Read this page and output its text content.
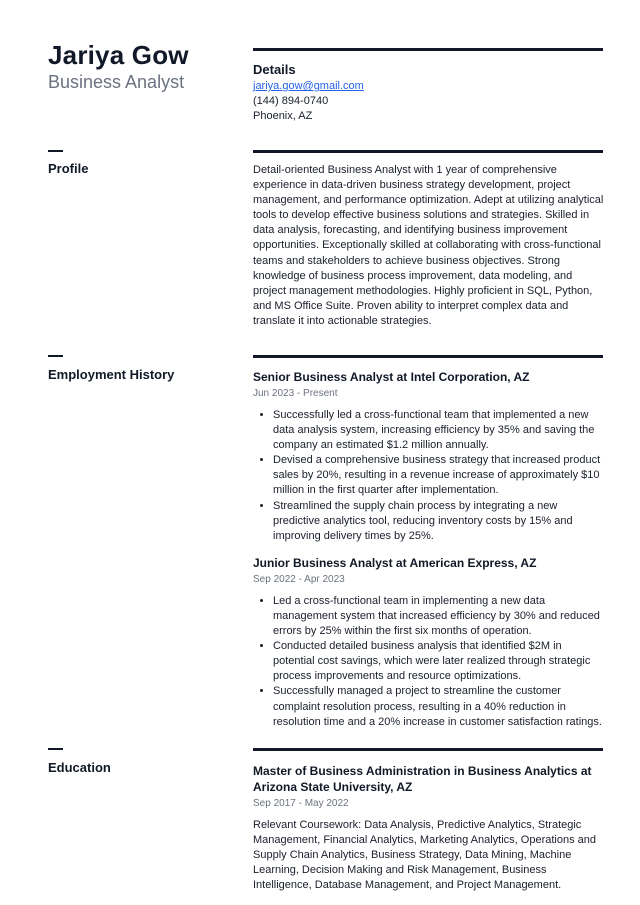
Jariya Gow
Business Analyst
Details
jariya.gow@gmail.com
(144) 894-0740
Phoenix, AZ
Profile	Detail-oriented Business Analyst with 1 year of comprehensive experience in data-driven business strategy development, project management, and performance optimization. Adept at utilizing analytical tools to develop effective business solutions and strategies. Skilled in data analysis, forecasting, and identifying business improvement opportunities. Exceptionally skilled at collaborating with cross-functional teams and stakeholders to achieve business objectives. Strong knowledge of business process improvement, data modeling, and project management methodologies. Highly proficient in SQL, Python, and MS Office Suite. Proven ability to interpret complex data and translate it into actionable strategies.
Employment History	Senior Business Analyst at Intel Corporation, AZ
Jun 2023 - Present
• Successfully led a cross-functional team that implemented a new data analysis system, increasing efficiency by 35% and saving the company an estimated $1.2 million annually.
• Devised a comprehensive business strategy that increased product sales by 20%, resulting in a revenue increase of approximately $10 million in the first quarter after implementation.
• Streamlined the supply chain process by integrating a new predictive analytics tool, reducing inventory costs by 15% and improving delivery times by 25%.
Junior Business Analyst at American Express, AZ
Sep 2022 - Apr 2023
• Led a cross-functional team in implementing a new data management system that increased efficiency by 30% and reduced errors by 25% within the first six months of operation.
• Conducted detailed business analysis that identified $2M in potential cost savings, which were later realized through strategic process improvements and resource optimizations.
• Successfully managed a project to streamline the customer complaint resolution process, resulting in a 40% reduction in resolution time and a 20% increase in customer satisfaction ratings.
Education	Master of Business Administration in Business Analytics at Arizona State University, AZ
Sep 2017 - May 2022
Relevant Coursework: Data Analysis, Predictive Analytics, Strategic Management, Financial Analytics, Marketing Analytics, Operations and Supply Chain Analytics, Business Strategy, Data Mining, Machine Learning, Decision Making and Risk Management, Business Intelligence, Database Management, and Project Management.
